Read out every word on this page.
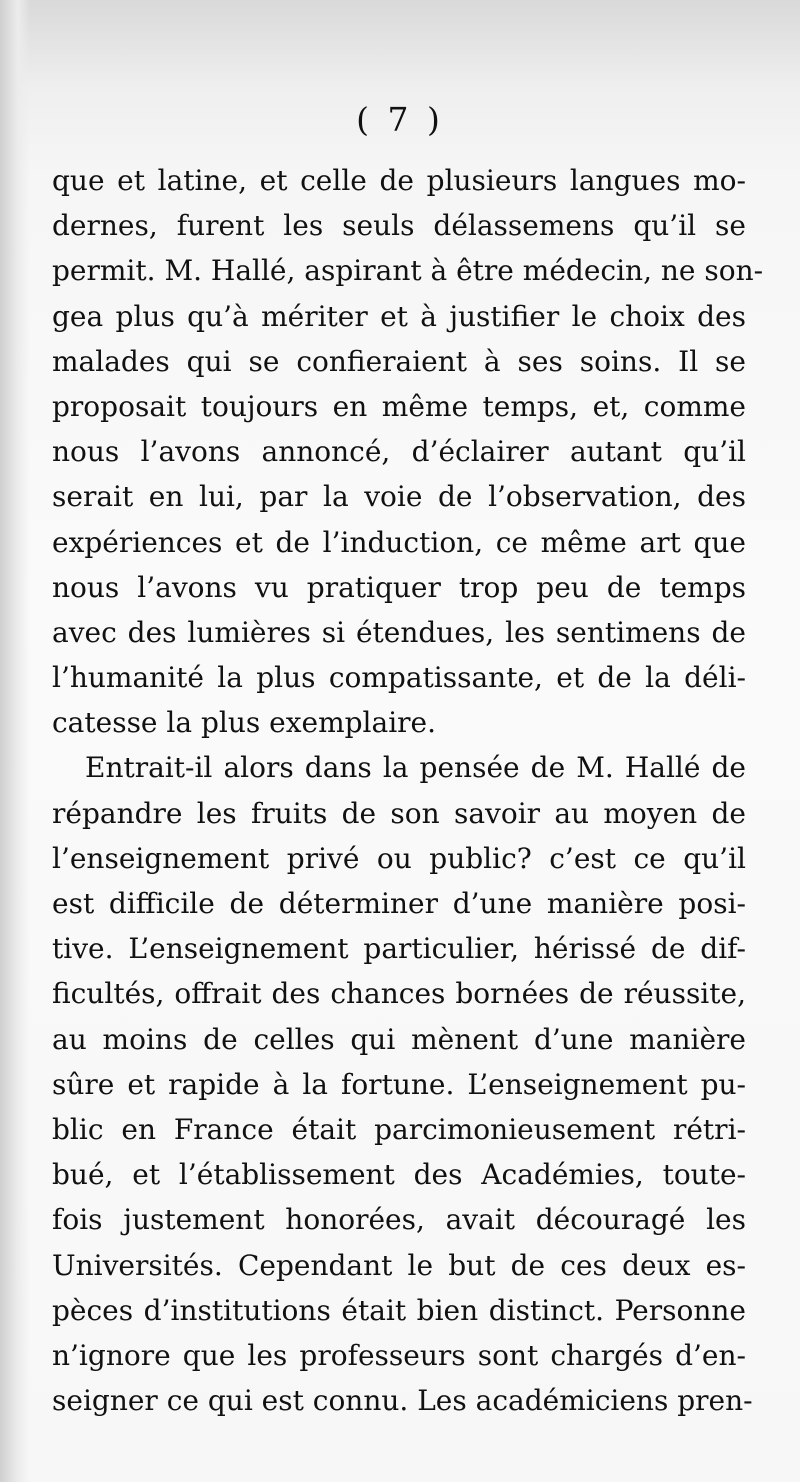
( 7 )
que et latine, et celle de plusieurs langues mo-
dernes, furent les seuls délassemens qu’il se
permit. M. Hallé, aspirant à être médecin, ne son-
gea plus qu’à mériter et à justifier le choix des
malades qui se confieraient à ses soins. Il se
proposait toujours en même temps, et, comme
nous l’avons annoncé, d’éclairer autant qu’il
serait en lui, par la voie de l’observation, des
expériences et de l’induction, ce même art que
nous l’avons vu pratiquer trop peu de temps
avec des lumières si étendues, les sentimens de
l’humanité la plus compatissante, et de la déli-
catesse la plus exemplaire.
Entrait-il alors dans la pensée de M. Hallé de
répandre les fruits de son savoir au moyen de
l’enseignement privé ou public? c’est ce qu’il
est difficile de déterminer d’une manière posi-
tive. L’enseignement particulier, hérissé de dif-
ficultés, offrait des chances bornées de réussite,
au moins de celles qui mènent d’une manière
sûre et rapide à la fortune. L’enseignement pu-
blic en France était parcimonieusement rétri-
bué, et l’établissement des Académies, toute-
fois justement honorées, avait découragé les
Universités. Cependant le but de ces deux es-
pèces d’institutions était bien distinct. Personne
n’ignore que les professeurs sont chargés d’en-
seigner ce qui est connu. Les académiciens pren-
